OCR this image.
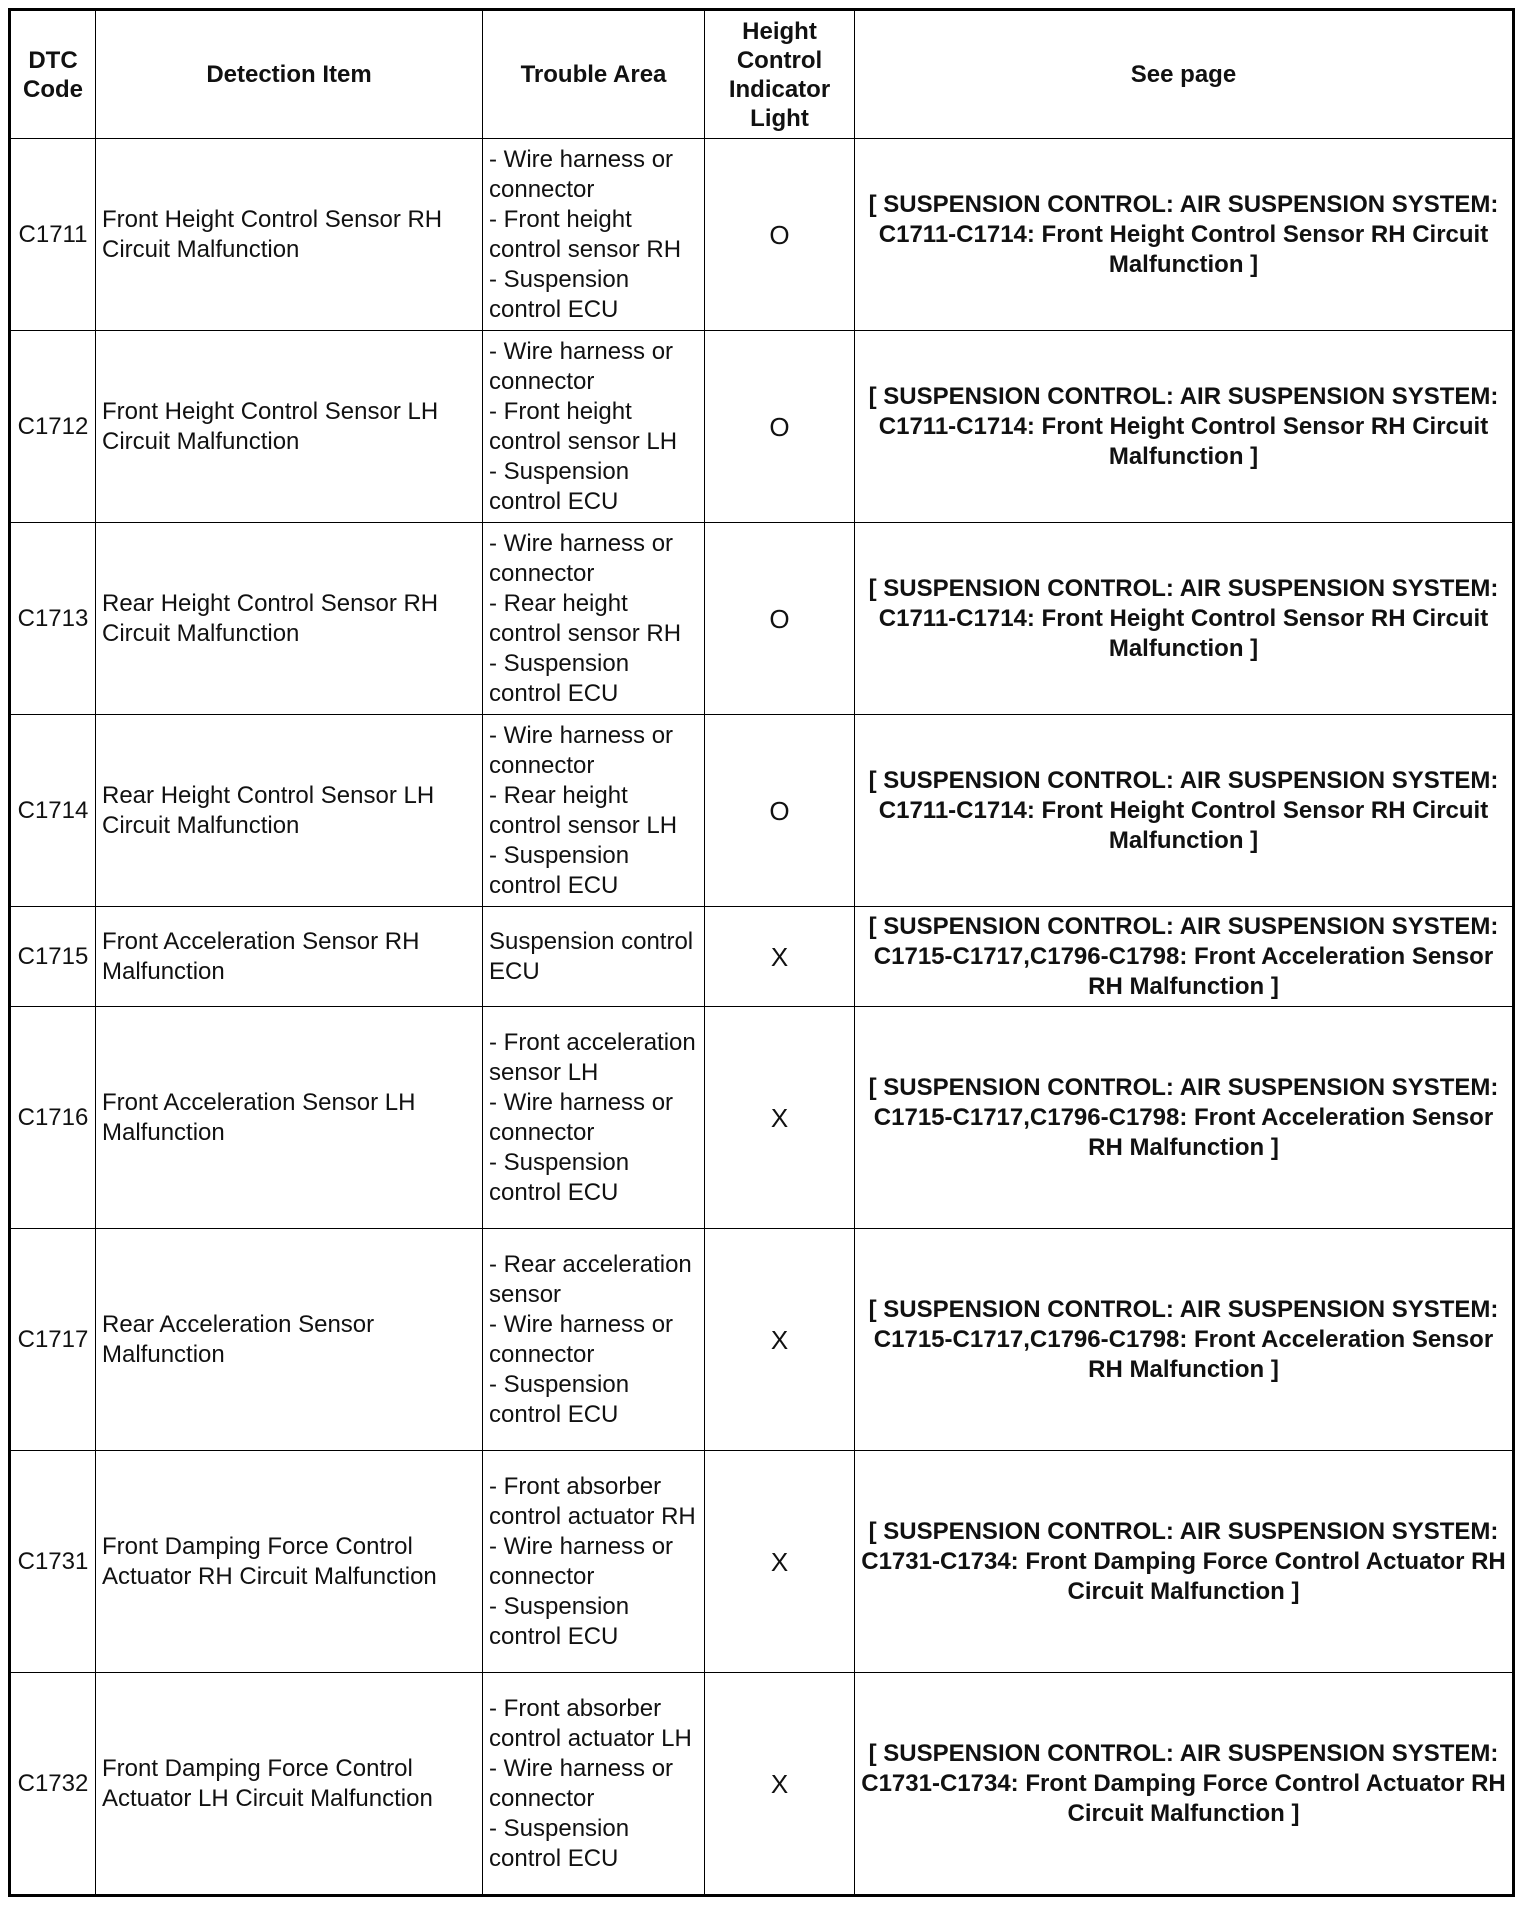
DTC Code	Detection Item	Trouble Area	Height Control Indicator Light	See page
C1711	Front Height Control Sensor RH Circuit Malfunction	- Wire harness or connector
- Front height control sensor RH
- Suspension control ECU	O	[ SUSPENSION CONTROL: AIR SUSPENSION SYSTEM: C1711-C1714: Front Height Control Sensor RH Circuit Malfunction ]
C1712	Front Height Control Sensor LH Circuit Malfunction	- Wire harness or connector
- Front height control sensor LH
- Suspension control ECU	O	[ SUSPENSION CONTROL: AIR SUSPENSION SYSTEM: C1711-C1714: Front Height Control Sensor RH Circuit Malfunction ]
C1713	Rear Height Control Sensor RH Circuit Malfunction	- Wire harness or connector
- Rear height control sensor RH
- Suspension control ECU	O	[ SUSPENSION CONTROL: AIR SUSPENSION SYSTEM: C1711-C1714: Front Height Control Sensor RH Circuit Malfunction ]
C1714	Rear Height Control Sensor LH Circuit Malfunction	- Wire harness or connector
- Rear height control sensor LH
- Suspension control ECU	O	[ SUSPENSION CONTROL: AIR SUSPENSION SYSTEM: C1711-C1714: Front Height Control Sensor RH Circuit Malfunction ]
C1715	Front Acceleration Sensor RH Malfunction	Suspension control ECU	X	[ SUSPENSION CONTROL: AIR SUSPENSION SYSTEM: C1715-C1717,C1796-C1798: Front Acceleration Sensor RH Malfunction ]
C1716	Front Acceleration Sensor LH Malfunction	- Front acceleration sensor LH
- Wire harness or connector
- Suspension control ECU	X	[ SUSPENSION CONTROL: AIR SUSPENSION SYSTEM: C1715-C1717,C1796-C1798: Front Acceleration Sensor RH Malfunction ]
C1717	Rear Acceleration Sensor Malfunction	- Rear acceleration sensor
- Wire harness or connector
- Suspension control ECU	X	[ SUSPENSION CONTROL: AIR SUSPENSION SYSTEM: C1715-C1717,C1796-C1798: Front Acceleration Sensor RH Malfunction ]
C1731	Front Damping Force Control Actuator RH Circuit Malfunction	- Front absorber control actuator RH
- Wire harness or connector
- Suspension control ECU	X	[ SUSPENSION CONTROL: AIR SUSPENSION SYSTEM: C1731-C1734: Front Damping Force Control Actuator RH Circuit Malfunction ]
C1732	Front Damping Force Control Actuator LH Circuit Malfunction	- Front absorber control actuator LH
- Wire harness or connector
- Suspension control ECU	X	[ SUSPENSION CONTROL: AIR SUSPENSION SYSTEM: C1731-C1734: Front Damping Force Control Actuator RH Circuit Malfunction ]
